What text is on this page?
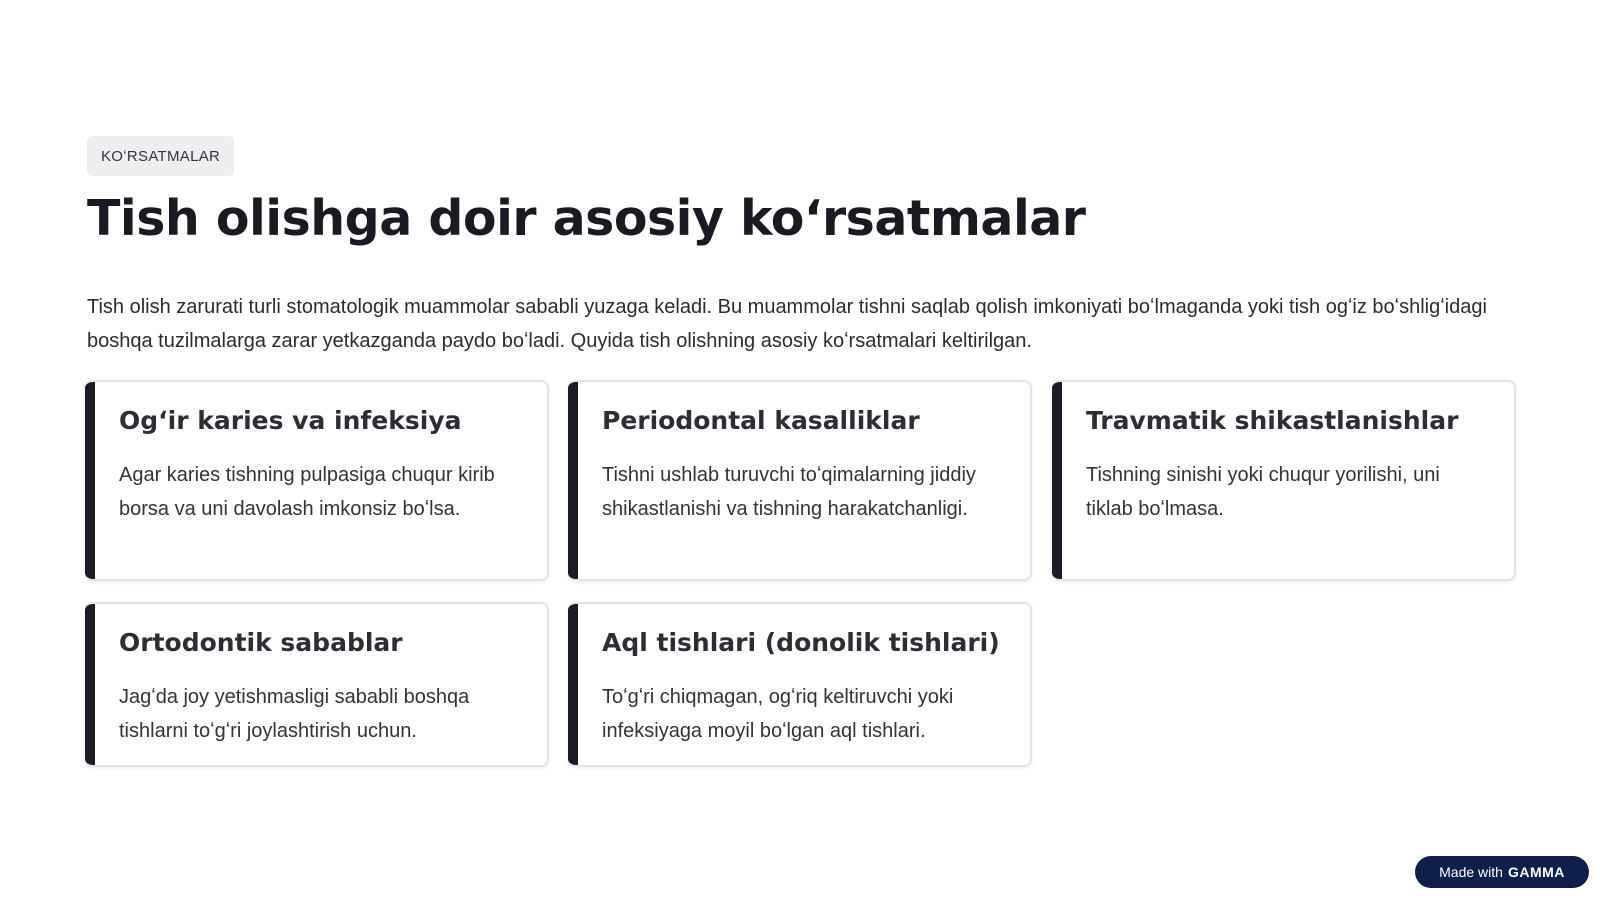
KOʻRSATMALAR
Tish olishga doir asosiy koʻrsatmalar

Tish olish zarurati turli stomatologik muammolar sababli yuzaga keladi. Bu muammolar tishni saqlab qolish imkoniyati boʻlmaganda yoki tish ogʻiz boʻshligʻidagi boshqa tuzilmalarga zarar yetkazganda paydo boʻladi. Quyida tish olishning asosiy koʻrsatmalari keltirilgan.

Ogʻir karies va infeksiya

Agar karies tishning pulpasiga chuqur kirib borsa va uni davolash imkonsiz boʻlsa.

Periodontal kasalliklar

Tishni ushlab turuvchi toʻqimalarning jiddiy shikastlanishi va tishning harakatchanligi.

Travmatik shikastlanishlar

Tishning sinishi yoki chuqur yorilishi, uni tiklab boʻlmasa.

Ortodontik sabablar

Jagʻda joy yetishmasligi sababli boshqa tishlarni toʻgʻri joylashtirish uchun.

Aql tishlari (donolik tishlari)

Toʻgʻri chiqmagan, ogʻriq keltiruvchi yoki infeksiyaga moyil boʻlgan aql tishlari.

Made with GAMMA
